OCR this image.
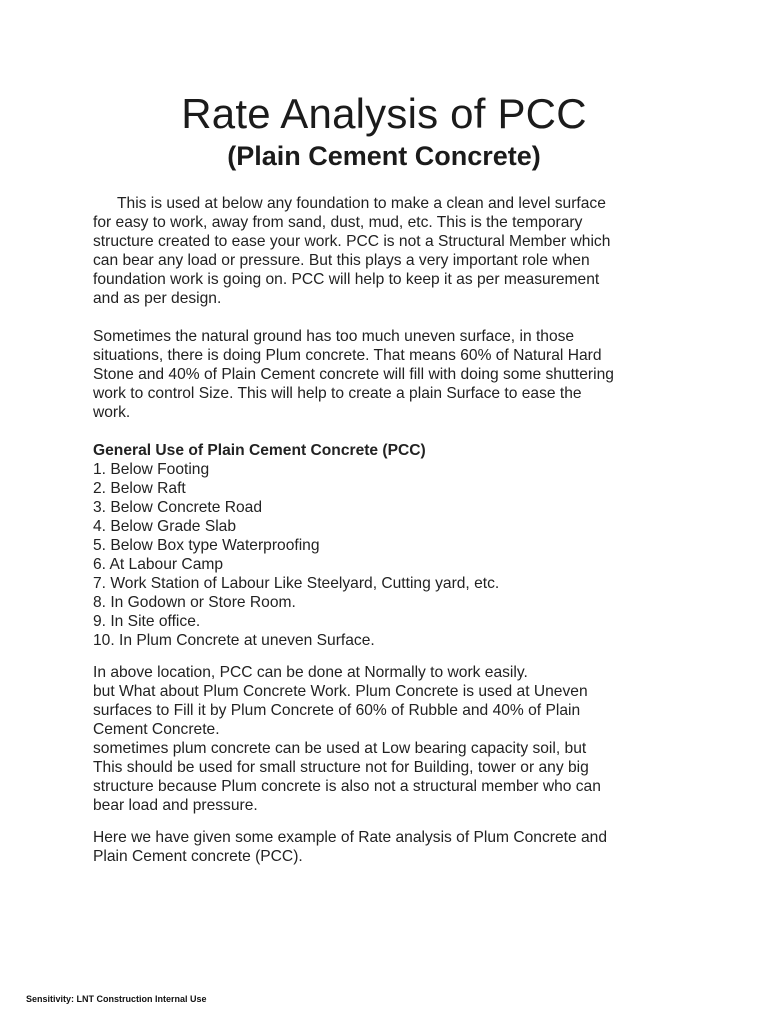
Rate Analysis of PCC
(Plain Cement Concrete)

This is used at below any foundation to make a clean and level surface
for easy to work, away from sand, dust, mud, etc. This is the temporary
structure created to ease your work. PCC is not a Structural Member which
can bear any load or pressure. But this plays a very important role when
foundation work is going on. PCC will help to keep it as per measurement
and as per design.

Sometimes the natural ground has too much uneven surface, in those
situations, there is doing Plum concrete. That means 60% of Natural Hard
Stone and 40% of Plain Cement concrete will fill with doing some shuttering
work to control Size. This will help to create a plain Surface to ease the
work.

General Use of Plain Cement Concrete (PCC)

1. Below Footing
2. Below Raft
3. Below Concrete Road
4. Below Grade Slab
5. Below Box type Waterproofing
6. At Labour Camp
7. Work Station of Labour Like Steelyard, Cutting yard, etc.
8. In Godown or Store Room.
9. In Site office.
10. In Plum Concrete at uneven Surface.

In above location, PCC can be done at Normally to work easily.
but What about Plum Concrete Work. Plum Concrete is used at Uneven
surfaces to Fill it by Plum Concrete of 60% of Rubble and 40% of Plain
Cement Concrete.
sometimes plum concrete can be used at Low bearing capacity soil, but
This should be used for small structure not for Building, tower or any big
structure because Plum concrete is also not a structural member who can
bear load and pressure.

Here we have given some example of Rate analysis of Plum Concrete and
Plain Cement concrete (PCC).

Sensitivity: LNT Construction Internal Use
